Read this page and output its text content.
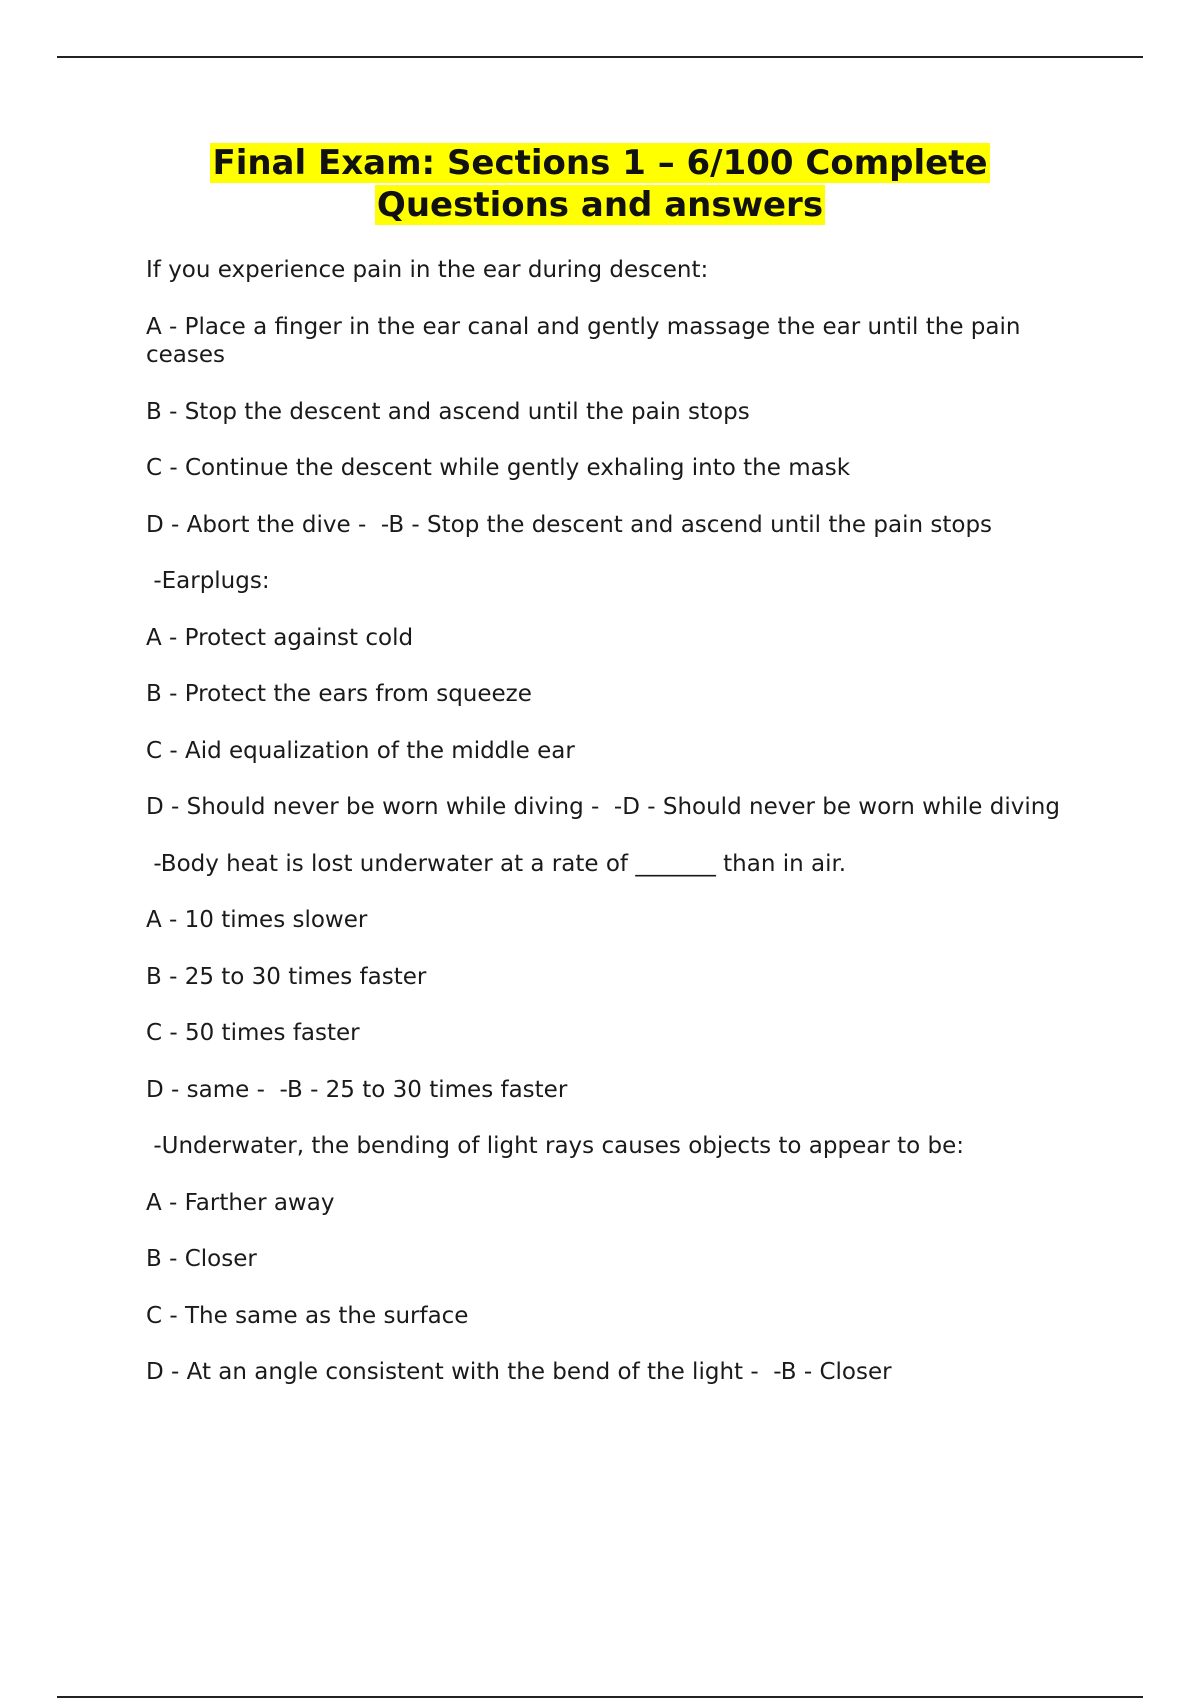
Final Exam: Sections 1 – 6/100 Complete
Questions and answers

If you experience pain in the ear during descent:

A - Place a finger in the ear canal and gently massage the ear until the pain ceases

B - Stop the descent and ascend until the pain stops

C - Continue the descent while gently exhaling into the mask

D - Abort the dive -  -B - Stop the descent and ascend until the pain stops

-Earplugs:

A - Protect against cold

B - Protect the ears from squeeze

C - Aid equalization of the middle ear

D - Should never be worn while diving -  -D - Should never be worn while diving

-Body heat is lost underwater at a rate of _______ than in air.

A - 10 times slower

B - 25 to 30 times faster

C - 50 times faster

D - same -  -B - 25 to 30 times faster

-Underwater, the bending of light rays causes objects to appear to be:

A - Farther away

B - Closer

C - The same as the surface

D - At an angle consistent with the bend of the light -  -B - Closer
